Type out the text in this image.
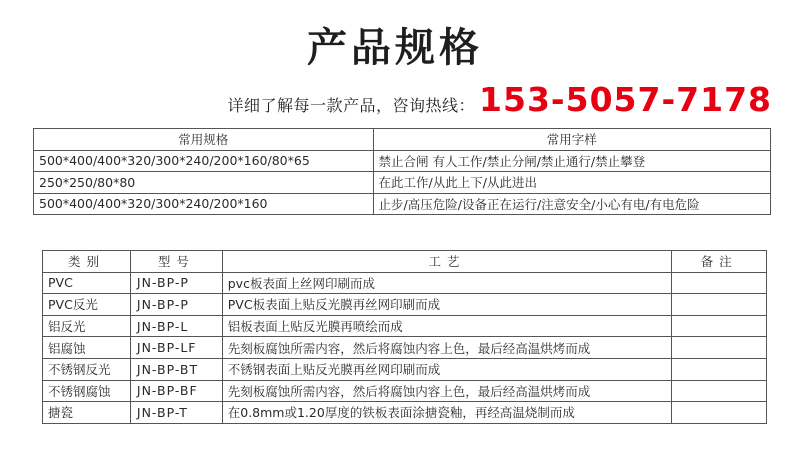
产品规格
详细了解每一款产品，咨询热线： 153-5057-7178
常用规格	常用字样
500*400/400*320/300*240/200*160/80*65	禁止合闸 有人工作/禁止分闸/禁止通行/禁止攀登
250*250/80*80	在此工作/从此上下/从此进出
500*400/400*320/300*240/200*160	止步/高压危险/设备正在运行/注意安全/小心有电/有电危险
类别	型号	工艺	备注
PVC	JN-BP-P	pvc板表面上丝网印刷而成	
PVC反光	JN-BP-P	PVC板表面上贴反光膜再丝网印刷而成	
铝反光	JN-BP-L	铝板表面上贴反光膜再喷绘而成	
铝腐蚀	JN-BP-LF	先刻板腐蚀所需内容，然后将腐蚀内容上色，最后经高温烘烤而成	
不锈钢反光	JN-BP-BT	不锈钢表面上贴反光膜再丝网印刷而成	
不锈钢腐蚀	JN-BP-BF	先刻板腐蚀所需内容，然后将腐蚀内容上色，最后经高温烘烤而成	
搪瓷	JN-BP-T	在0.8mm或1.20厚度的铁板表面涂搪瓷釉，再经高温烧制而成	
